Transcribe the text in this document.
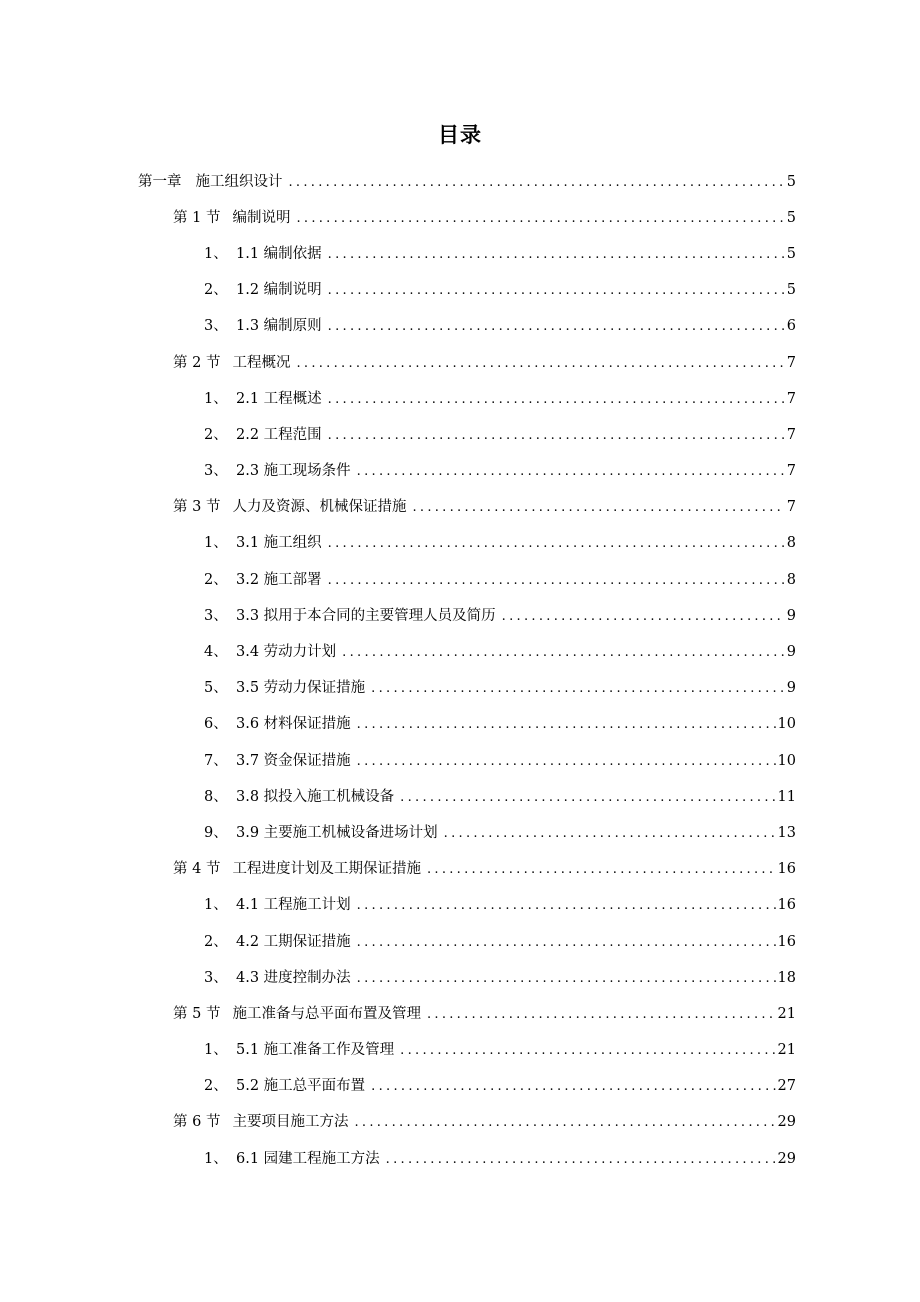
目录
第一章 施工组织设计 .....	5
第 1 节 编制说明 .....	5
1、 1.1 编制依据 .....	5
2、 1.2 编制说明 .....	5
3、 1.3 编制原则 .....	6
第 2 节 工程概况 .....	7
1、 2.1 工程概述 .....	7
2、 2.2 工程范围 .....	7
3、 2.3 施工现场条件 .....	7
第 3 节 人力及资源、机械保证措施 .....	7
1、 3.1 施工组织 .....	8
2、 3.2 施工部署 .....	8
3、 3.3 拟用于本合同的主要管理人员及简历 .....	9
4、 3.4 劳动力计划 .....	9
5、 3.5 劳动力保证措施 .....	9
6、 3.6 材料保证措施 .....	10
7、 3.7 资金保证措施 .....	10
8、 3.8 拟投入施工机械设备 .....	11
9、 3.9 主要施工机械设备进场计划 .....	13
第 4 节 工程进度计划及工期保证措施 .....	16
1、 4.1 工程施工计划 .....	16
2、 4.2 工期保证措施 .....	16
3、 4.3 进度控制办法 .....	18
第 5 节 施工准备与总平面布置及管理 .....	21
1、 5.1 施工准备工作及管理 .....	21
2、 5.2 施工总平面布置 .....	27
第 6 节 主要项目施工方法 .....	29
1、 6.1 园建工程施工方法 .....	29
